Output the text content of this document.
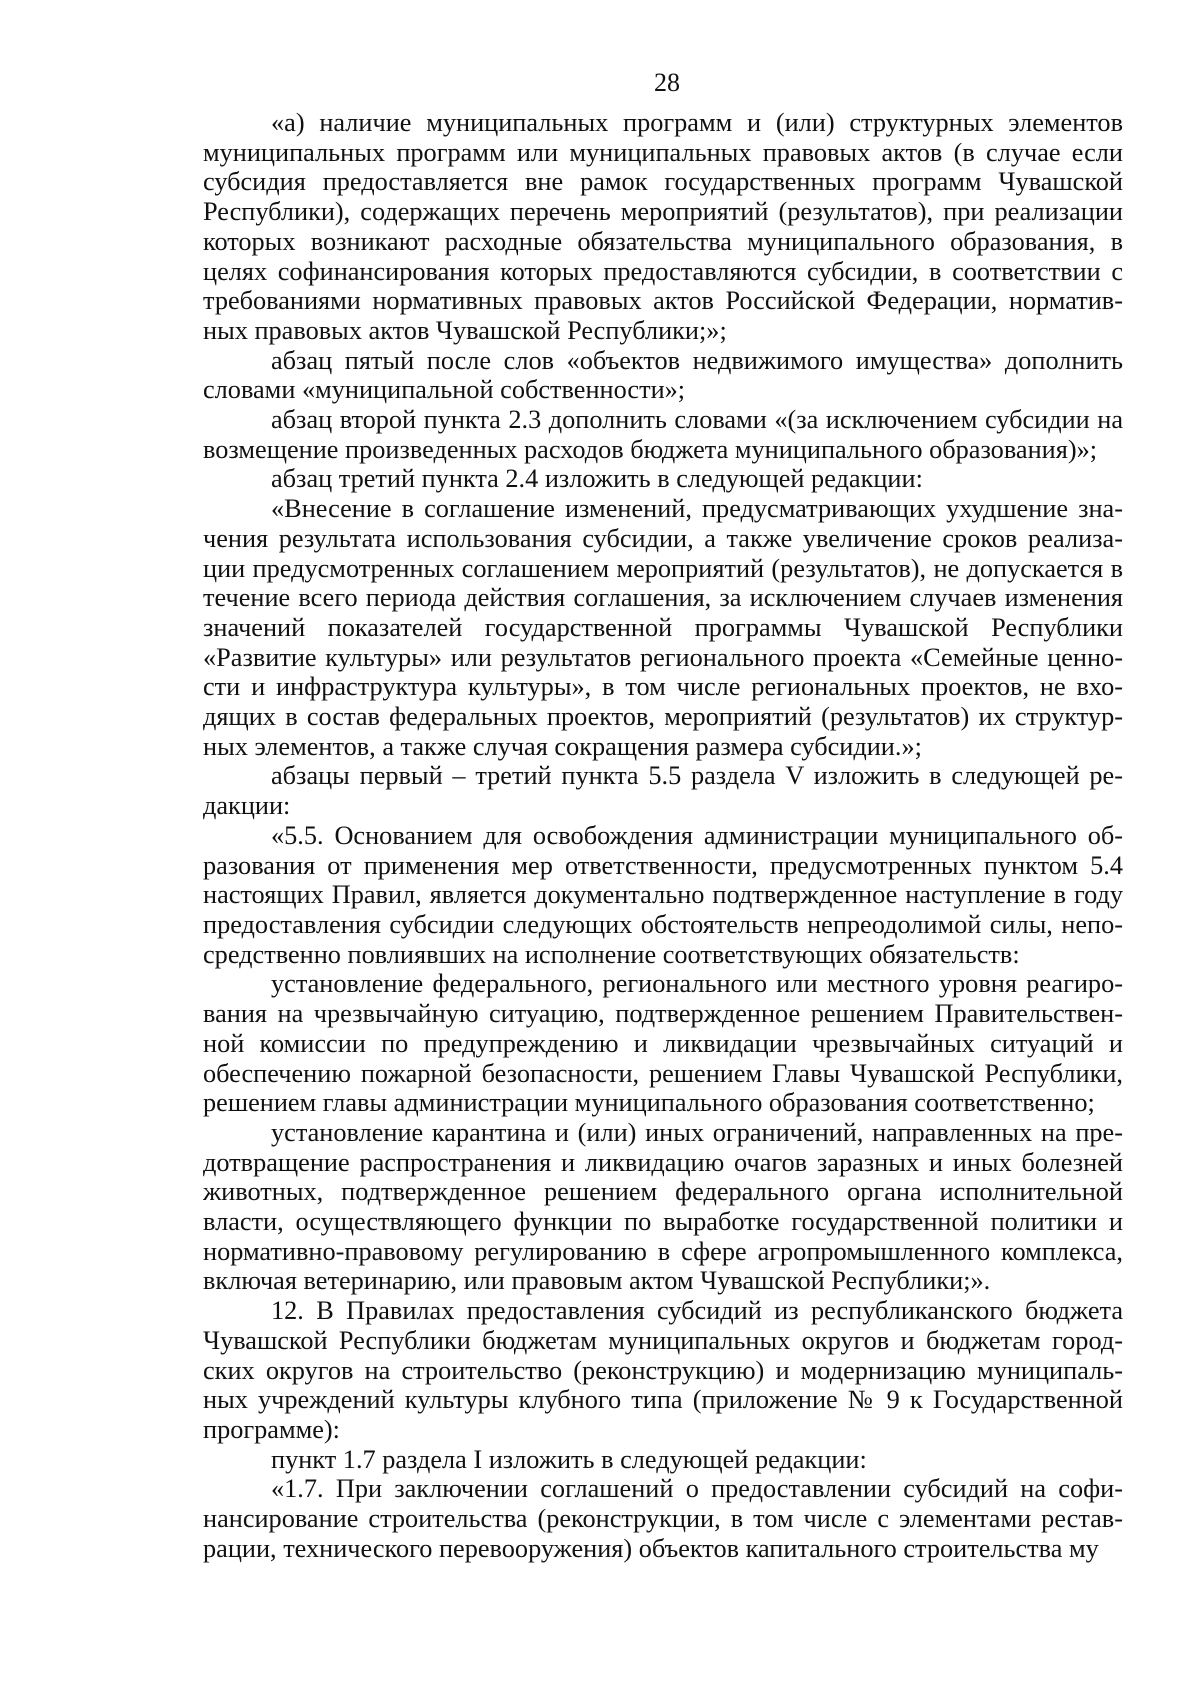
28

«а) наличие муниципальных программ и (или) структурных элементов муниципальных программ или муниципальных правовых актов (в случае если субсидия предоставляется вне рамок государственных программ Чувашской Республики), содержащих перечень мероприятий (результатов), при реализации которых возникают расходные обязательства муниципального образования, в целях софинансирования которых предоставляются субсидии, в соответствии с требованиями нормативных правовых актов Российской Федерации, нормативных правовых актов Чувашской Республики;»;

абзац пятый после слов «объектов недвижимого имущества» дополнить словами «муниципальной собственности»;

абзац второй пункта 2.3 дополнить словами «(за исключением субсидии на возмещение произведенных расходов бюджета муниципального образования)»;

абзац третий пункта 2.4 изложить в следующей редакции:

«Внесение в соглашение изменений, предусматривающих ухудшение значения результата использования субсидии, а также увеличение сроков реализации предусмотренных соглашением мероприятий (результатов), не допускается в течение всего периода действия соглашения, за исключением случаев изменения значений показателей государственной программы Чувашской Республики «Развитие культуры» или результатов регионального проекта «Семейные ценности и инфраструктура культуры», в том числе региональных проектов, не входящих в состав федеральных проектов, мероприятий (результатов) их структурных элементов, а также случая сокращения размера субсидии.»;

абзацы первый – третий пункта 5.5 раздела V изложить в следующей редакции:

«5.5. Основанием для освобождения администрации муниципального образования от применения мер ответственности, предусмотренных пунктом 5.4 настоящих Правил, является документально подтвержденное наступление в году предоставления субсидии следующих обстоятельств непреодолимой силы, непосредственно повлиявших на исполнение соответствующих обязательств:

установление федерального, регионального или местного уровня реагирования на чрезвычайную ситуацию, подтвержденное решением Правительственной комиссии по предупреждению и ликвидации чрезвычайных ситуаций и обеспечению пожарной безопасности, решением Главы Чувашской Республики, решением главы администрации муниципального образования соответственно;

установление карантина и (или) иных ограничений, направленных на предотвращение распространения и ликвидацию очагов заразных и иных болезней животных, подтвержденное решением федерального органа исполнительной власти, осуществляющего функции по выработке государственной политики и нормативно-правовому регулированию в сфере агропромышленного комплекса, включая ветеринарию, или правовым актом Чувашской Республики;».

12. В Правилах предоставления субсидий из республиканского бюджета Чувашской Республики бюджетам муниципальных округов и бюджетам городских округов на строительство (реконструкцию) и модернизацию муниципальных учреждений культуры клубного типа (приложение № 9 к Государственной программе):

пункт 1.7 раздела I изложить в следующей редакции:

«1.7. При заключении соглашений о предоставлении субсидий на софинансирование строительства (реконструкции, в том числе с элементами реставрации, технического перевооружения) объектов капитального строительства му
